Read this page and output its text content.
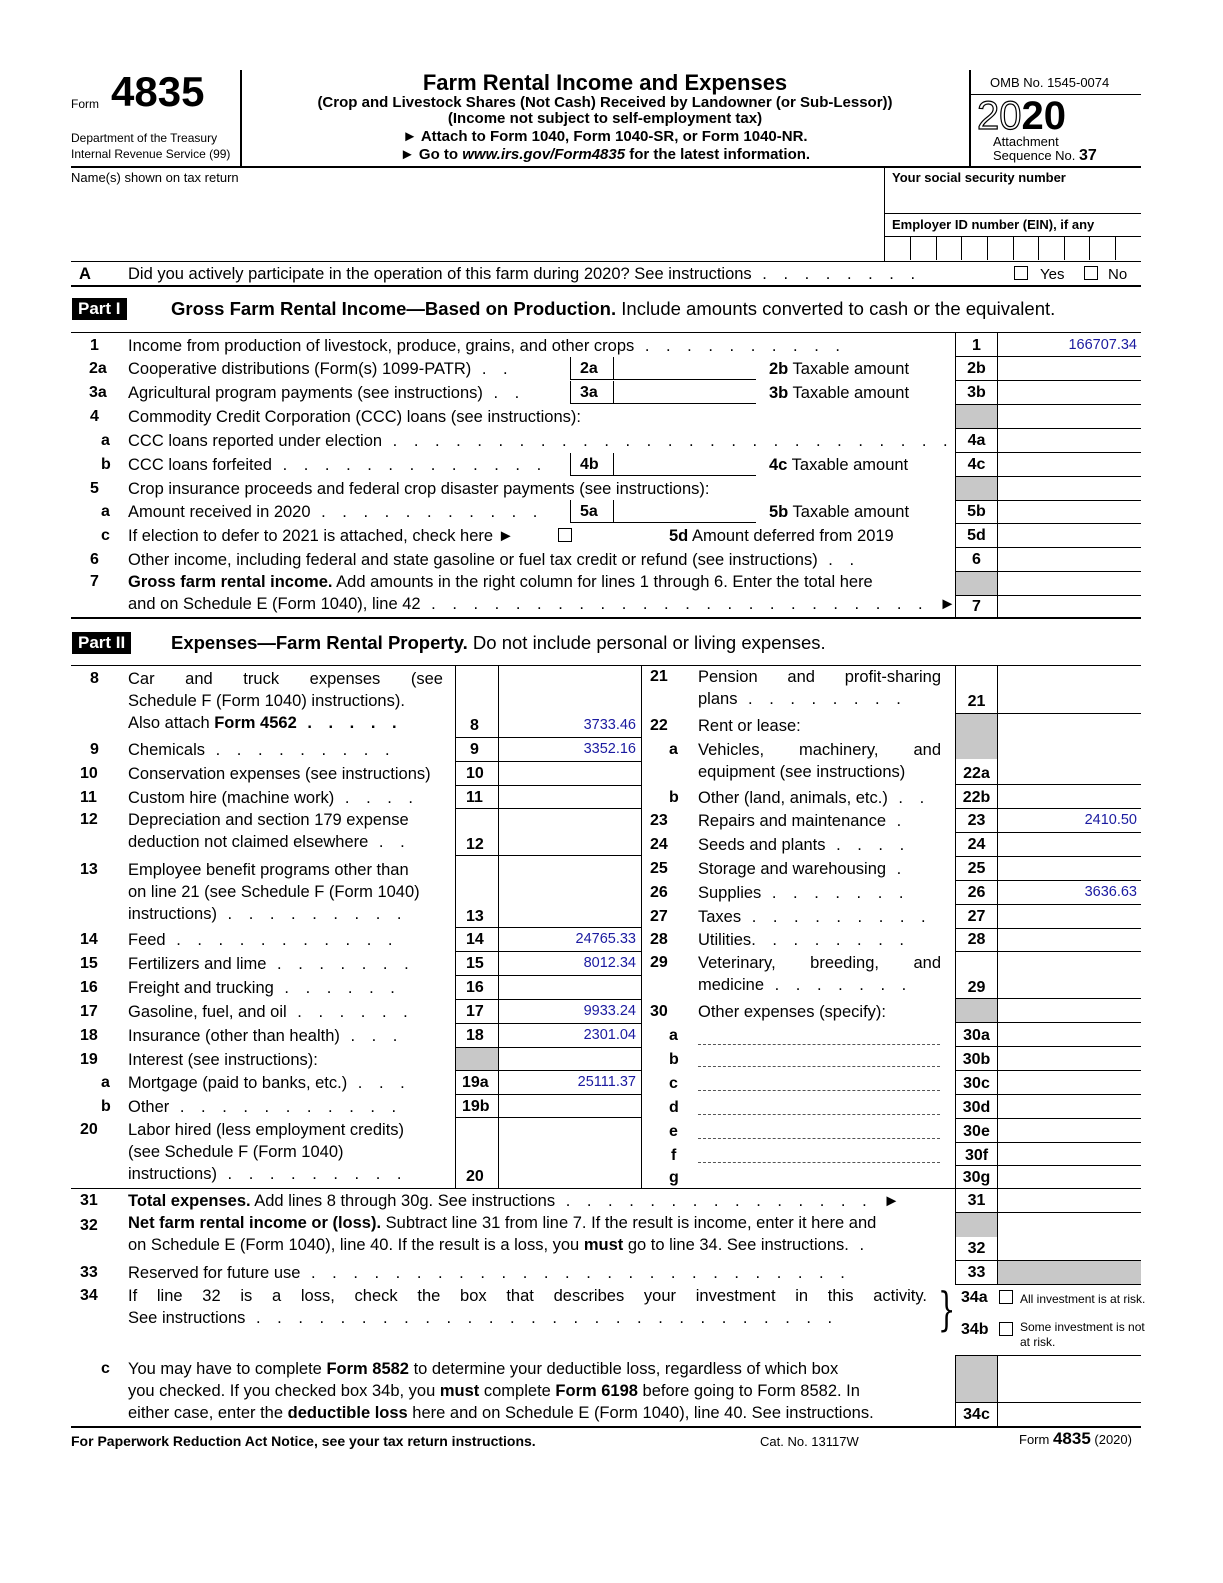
Form 4835
Department of the Treasury
Internal Revenue Service (99)
Farm Rental Income and Expenses
(Crop and Livestock Shares (Not Cash) Received by Landowner (or Sub-Lessor))
(Income not subject to self-employment tax)
► Attach to Form 1040, Form 1040-SR, or Form 1040-NR.
► Go to www.irs.gov/Form4835 for the latest information.
OMB No. 1545-0074
2020
Attachment
Sequence No. 37
Name(s) shown on tax return	Your social security number
Employer ID number (EIN), if any
A Did you actively participate in the operation of this farm during 2020? See instructions . . . . . . . .	Yes	No
Part I	Gross Farm Rental Income—Based on Production. Include amounts converted to cash or the equivalent.
1 Income from production of livestock, produce, grains, and other crops . . . . . . . . . .	1	166707.34
2a Cooperative distributions (Form(s) 1099-PATR) . .	2a	2b Taxable amount	2b
3a Agricultural program payments (see instructions) . .	3a	3b Taxable amount	3b
4 Commodity Credit Corporation (CCC) loans (see instructions):
a CCC loans reported under election . . . . . . . . . . . . . . . . . . . . . . . . . . . 4a
b CCC loans forfeited . . . . . . . . . . . . . 4b	4c Taxable amount	4c
5 Crop insurance proceeds and federal crop disaster payments (see instructions):
a Amount received in 2020 . . . . . . . . . . . 5a	5b Taxable amount	5b
c If election to defer to 2021 is attached, check here ►	5d Amount deferred from 2019	5d
6 Other income, including federal and state gasoline or fuel tax credit or refund (see instructions) . .	6
7 Gross farm rental income. Add amounts in the right column for lines 1 through 6. Enter the total here
and on Schedule E (Form 1040), line 42 . . . . . . . . . . . . . . . . . . . . . . . . ► 7
Part II	Expenses—Farm Rental Property. Do not include personal or living expenses.
8 Car and truck expenses (see
Schedule F (Form 1040) instructions).
Also attach Form 4562 . . . . .	8	3733.46
9 Chemicals . . . . . . . . .	9	3352.16
10 Conservation expenses (see instructions) 10
11 Custom hire (machine work) . . . .	11
12 Depreciation and section 179 expense
deduction not claimed elsewhere . .	12
13 Employee benefit programs other than
on line 21 (see Schedule F (Form 1040)
instructions) . . . . . . . . .	13
14 Feed . . . . . . . . . . .	14	24765.33
15 Fertilizers and lime . . . . . . .	15	8012.34
16 Freight and trucking . . . . . .	16
17 Gasoline, fuel, and oil . . . . . .	17	9933.24
18 Insurance (other than health) . . .	18	2301.04
19 Interest (see instructions):
a Mortgage (paid to banks, etc.) . . .	19a	25111.37
b Other . . . . . . . . . . .	19b
20 Labor hired (less employment credits)
(see Schedule F (Form 1040)
instructions) . . . . . . . . .	20
21 Pension and profit-sharing
plans . . . . . . . .	21
22 Rent or lease:
a Vehicles, machinery, and
equipment (see instructions)	22a
b Other (land, animals, etc.) . .	22b
23 Repairs and maintenance .	23	2410.50
24 Seeds and plants . . . .	24
25 Storage and warehousing .	25
26 Supplies . . . . . . .	26	3636.63
27 Taxes . . . . . . . . .	27
28 Utilities. . . . . . . .	28
29 Veterinary, breeding, and
medicine . . . . . . .	29
30 Other expenses (specify):
a	30a
b	30b
c	30c
d	30d
e	30e
f	30f
g	30g
31 Total expenses. Add lines 8 through 30g. See instructions . . . . . . . . . . . . . . . ►	31
32 Net farm rental income or (loss). Subtract line 31 from line 7. If the result is income, enter it here and
on Schedule E (Form 1040), line 40. If the result is a loss, you must go to line 34. See instructions. .	32
33 Reserved for future use . . . . . . . . . . . . . . . . . . . . . . . . . .	33
34 If line 32 is a loss, check the box that describes your investment in this activity.
See instructions . . . . . . . . . . . . . . . . . . . . . . . . . . . . } 34a	All investment is at risk.
34b	Some investment is not
at risk.
c You may have to complete Form 8582 to determine your deductible loss, regardless of which box
you checked. If you checked box 34b, you must complete Form 6198 before going to Form 8582. In
either case, enter the deductible loss here and on Schedule E (Form 1040), line 40. See instructions.	34c
For Paperwork Reduction Act Notice, see your tax return instructions.	Cat. No. 13117W	Form 4835 (2020)
